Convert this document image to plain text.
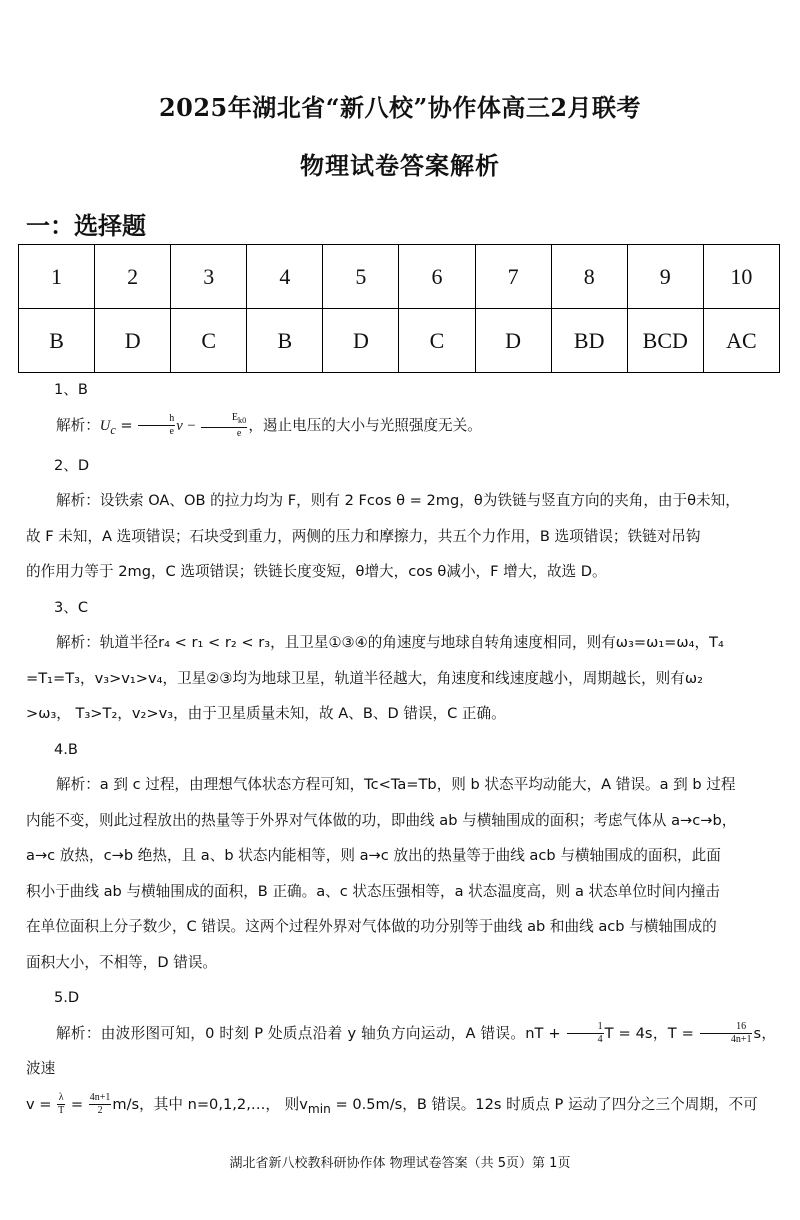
2025年湖北省“新八校”协作体高三2月联考
物理试卷答案解析
一：选择题
1	2	3	4	5	6	7	8	9	10
B	D	C	B	D	C	D	BD	BCD	AC

1、B

解析：$U_c = \frac{h}{e}$ $\nu - \frac{E_{k0}}{e}$ ，遏止电压的大小与光照强度无关。

2、D

解析：设铁索 OA、OB 的拉力均为 F，则有 2 Fcos θ = 2mg，θ为铁链与竖直方向的夹角，由于θ未知，

故 F 未知，A 选项错误；石块受到重力，两侧的压力和摩擦力，共五个力作用，B 选项错误；铁链对吊钩

的作用力等于 2mg，C 选项错误；铁链长度变短，θ增大，cos θ减小，F 增大，故选 D。

3、C

解析：轨道半径r₄ < r₁ < r₂ < r₃，且卫星①③④的角速度与地球自转角速度相同，则有ω₃=ω₁=ω₄，T₄

=T₁=T₃，v₃>v₁>v₄，卫星②③均为地球卫星，轨道半径越大，角速度和线速度越小，周期越长，则有ω₂

>ω₃， T₃>T₂，v₂>v₃，由于卫星质量未知，故 A、B、D 错误，C 正确。

4.B

解析：a 到 c 过程，由理想气体状态方程可知，Tc<Ta=Tb，则 b 状态平均动能大，A 错误。a 到 b 过程

内能不变，则此过程放出的热量等于外界对气体做的功，即曲线 ab 与横轴围成的面积；考虑气体从 a→c→b，

a→c 放热，c→b 绝热，且 a、b 状态内能相等，则 a→c 放出的热量等于曲线 acb 与横轴围成的面积，此面

积小于曲线 ab 与横轴围成的面积，B 正确。a、c 状态压强相等，a 状态温度高，则 a 状态单位时间内撞击

在单位面积上分子数少，C 错误。这两个过程外界对气体做的功分别等于曲线 ab 和曲线 acb 与横轴围成的

面积大小，不相等，D 错误。

5.D

解析：由波形图可知，0 时刻 P 处质点沿着 y 轴负方向运动，A 错误。nT + $\frac{1}{4}$ T = 4s，$T = \frac{16}{4n+1}$ s，波速

$v = \frac{\lambda}{T} = \frac{4n+1}{2} m/s$，其中 n=0,1,2,…， 则$v_{min} = 0.5m/s$，B 错误。12s 时质点 P 运动了四分之三个周期，不可

湖北省新八校教科研协作体 物理试卷答案（共 5页）第 1页
